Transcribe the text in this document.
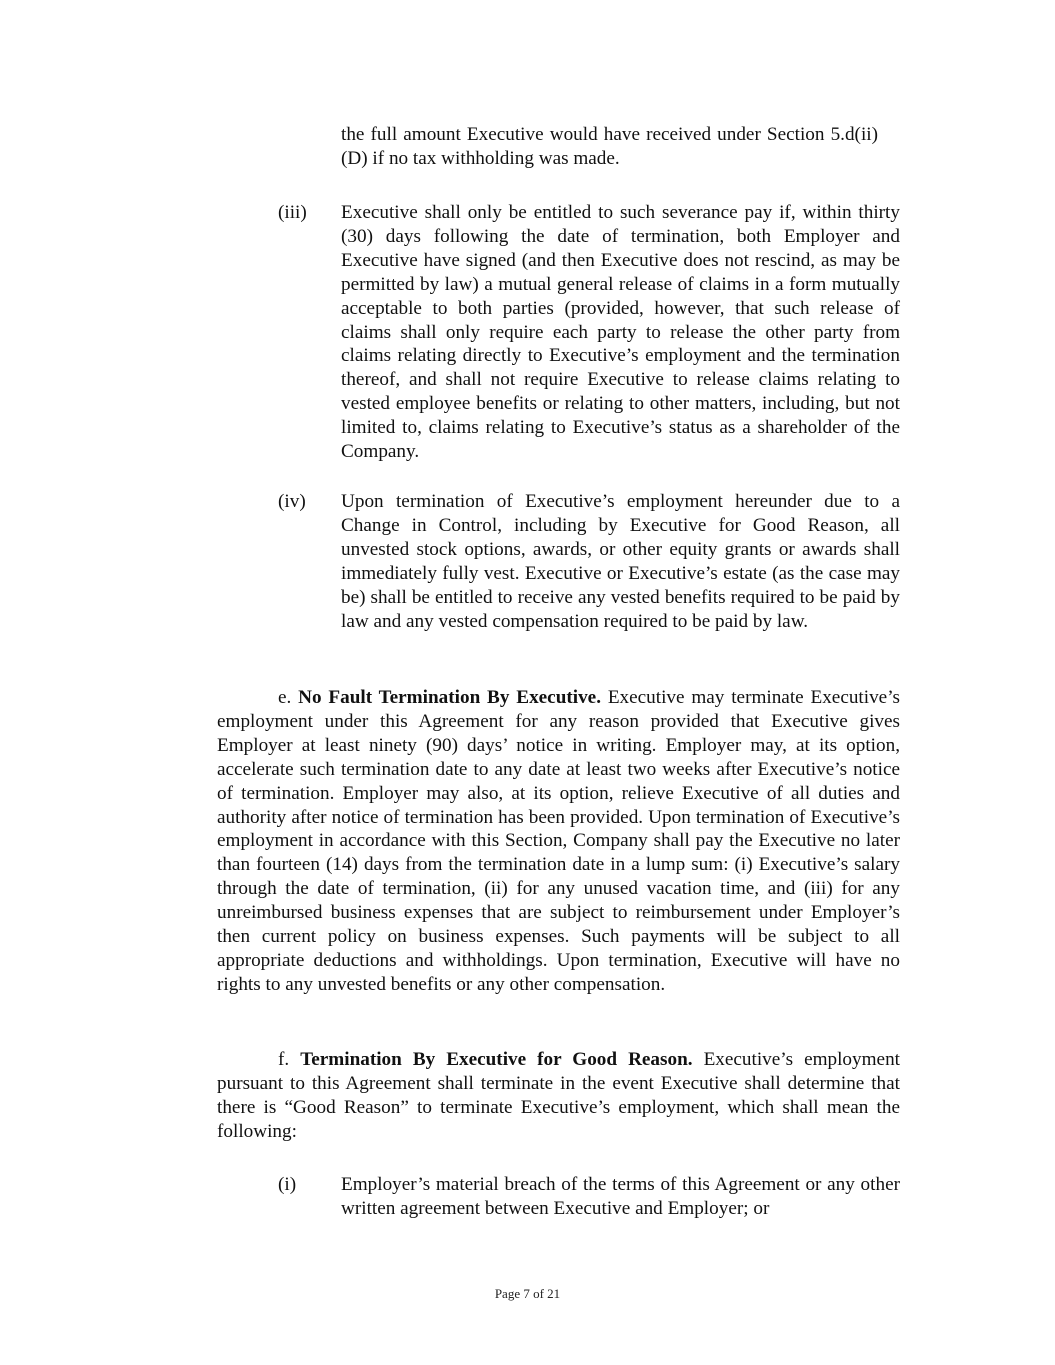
the full amount Executive would have received under Section 5.d(ii)(D) if no tax withholding was made.

(iii) Executive shall only be entitled to such severance pay if, within thirty (30) days following the date of termination, both Employer and Executive have signed (and then Executive does not rescind, as may be permitted by law) a mutual general release of claims in a form mutually acceptable to both parties (provided, however, that such release of claims shall only require each party to release the other party from claims relating directly to Executive’s employment and the termination thereof, and shall not require Executive to release claims relating to vested employee benefits or relating to other matters, including, but not limited to, claims relating to Executive’s status as a shareholder of the Company.

(iv) Upon termination of Executive’s employment hereunder due to a Change in Control, including by Executive for Good Reason, all unvested stock options, awards, or other equity grants or awards shall immediately fully vest. Executive or Executive’s estate (as the case may be) shall be entitled to receive any vested benefits required to be paid by law and any vested compensation required to be paid by law.

e. No Fault Termination By Executive. Executive may terminate Executive’s employment under this Agreement for any reason provided that Executive gives Employer at least ninety (90) days’ notice in writing. Employer may, at its option, accelerate such termination date to any date at least two weeks after Executive’s notice of termination. Employer may also, at its option, relieve Executive of all duties and authority after notice of termination has been provided. Upon termination of Executive’s employment in accordance with this Section, Company shall pay the Executive no later than fourteen (14) days from the termination date in a lump sum: (i) Executive’s salary through the date of termination, (ii) for any unused vacation time, and (iii) for any unreimbursed business expenses that are subject to reimbursement under Employer’s then current policy on business expenses. Such payments will be subject to all appropriate deductions and withholdings. Upon termination, Executive will have no rights to any unvested benefits or any other compensation.

f. Termination By Executive for Good Reason. Executive’s employment pursuant to this Agreement shall terminate in the event Executive shall determine that there is “Good Reason” to terminate Executive’s employment, which shall mean the following:

(i) Employer’s material breach of the terms of this Agreement or any other written agreement between Executive and Employer; or

Page 7 of 21
